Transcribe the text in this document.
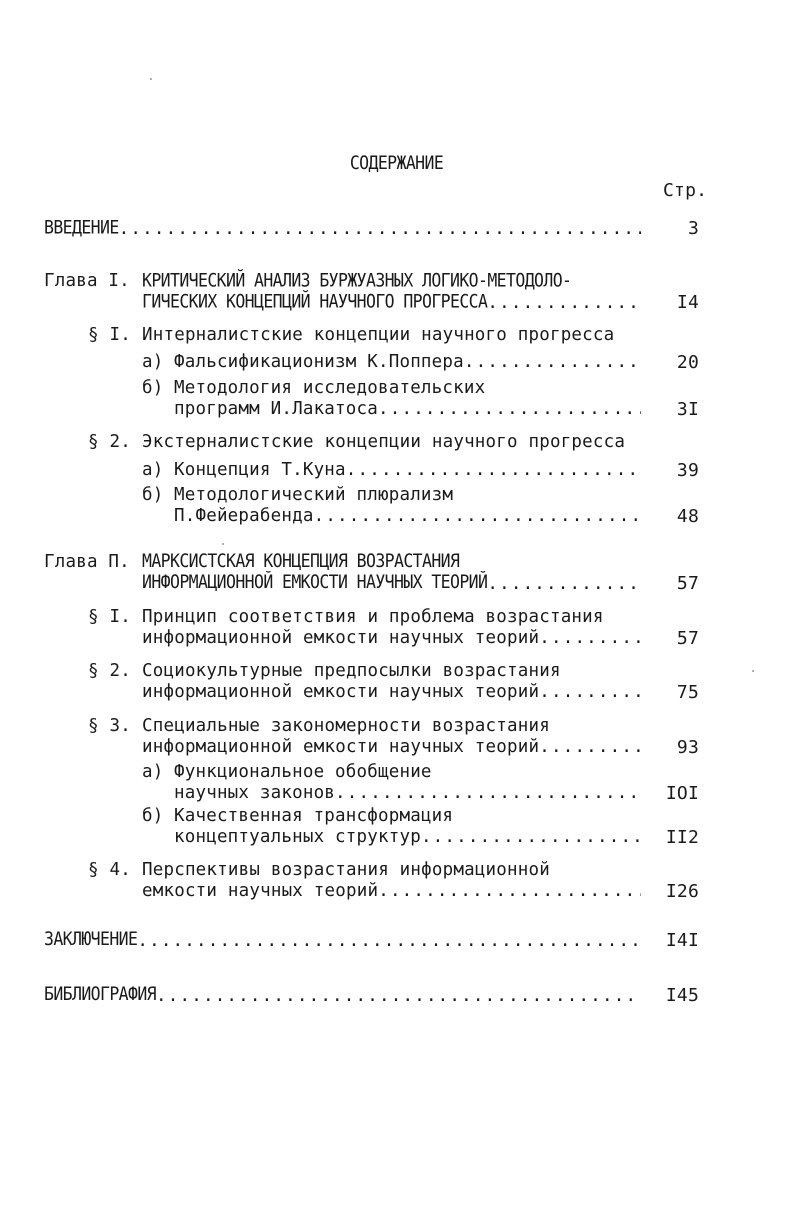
СОДЕРЖАНИЕ
Стр.
ВВЕДЕНИЕ .....	3
Глава I. КРИТИЧЕСКИЙ АНАЛИЗ БУРЖУАЗНЫХ ЛОГИКО-МЕТОДОЛО-
ГИЧЕСКИХ КОНЦЕПЦИЙ НАУЧНОГО ПРОГРЕССА .....	I4
§ I. Интерналистские концепции научного прогресса
а) Фальсификационизм К.Поппера .....	20
б) Методология исследовательских
программ И.Лакатоса .....	3I
§ 2. Экстерналистские концепции научного прогресса
а) Концепция Т.Куна .....	39
б) Методологический плюрализм
П.Фейерабенда .....	48
Глава П. МАРКСИСТСКАЯ КОНЦЕПЦИЯ ВОЗРАСТАНИЯ
ИНФОРМАЦИОННОЙ ЕМКОСТИ НАУЧНЫХ ТЕОРИЙ .....	57
§ I. Принцип соответствия и проблема возрастания
информационной емкости научных теорий .....	57
§ 2. Социокультурные предпосылки возрастания
информационной емкости научных теорий .....	75
§ 3. Специальные закономерности возрастания
информационной емкости научных теорий .....	93
а) Функциональное обобщение
научных законов .....	IOI
б) Качественная трансформация
концептуальных структур .....	II2
§ 4. Перспективы возрастания информационной
емкости научных теорий .....	I26
ЗАКЛЮЧЕНИЕ .....	I4I
БИБЛИОГРАФИЯ .....	I45
